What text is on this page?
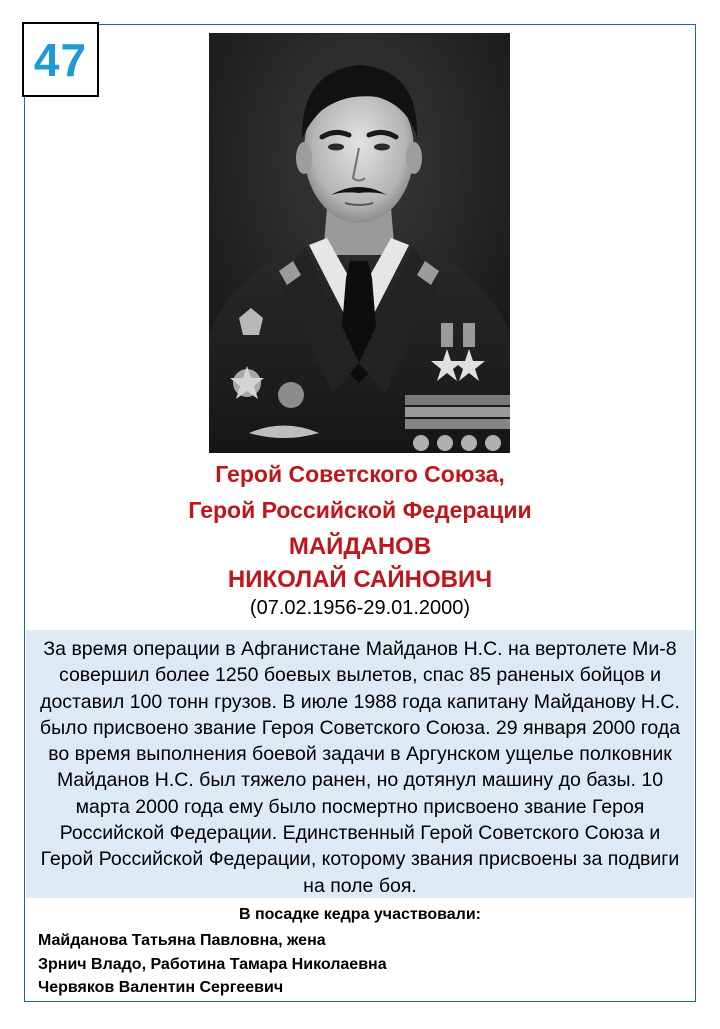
47
Герой Советского Союза,
Герой Российской Федерации
МАЙДАНОВ
НИКОЛАЙ САЙНОВИЧ
(07.02.1956-29.01.2000)
За время операции в Афганистане Майданов Н.С. на вертолете Ми-8 совершил более 1250 боевых вылетов, спас 85 раненых бойцов и доставил 100 тонн грузов. В июле 1988 года капитану Майданову Н.С. было присвоено звание Героя Советского Союза. 29 января 2000 года во время выполнения боевой задачи в Аргунском ущелье полковник Майданов Н.С. был тяжело ранен, но дотянул машину до базы. 10 марта 2000 года ему было посмертно присвоено звание Героя Российской Федерации. Единственный Герой Советского Союза и Герой Российской Федерации, которому звания присвоены за подвиги на поле боя.
В посадке кедра участвовали:
Майданова Татьяна Павловна, жена
Зрнич Владо, Работина Тамара Николаевна
Червяков Валентин Сергеевич
